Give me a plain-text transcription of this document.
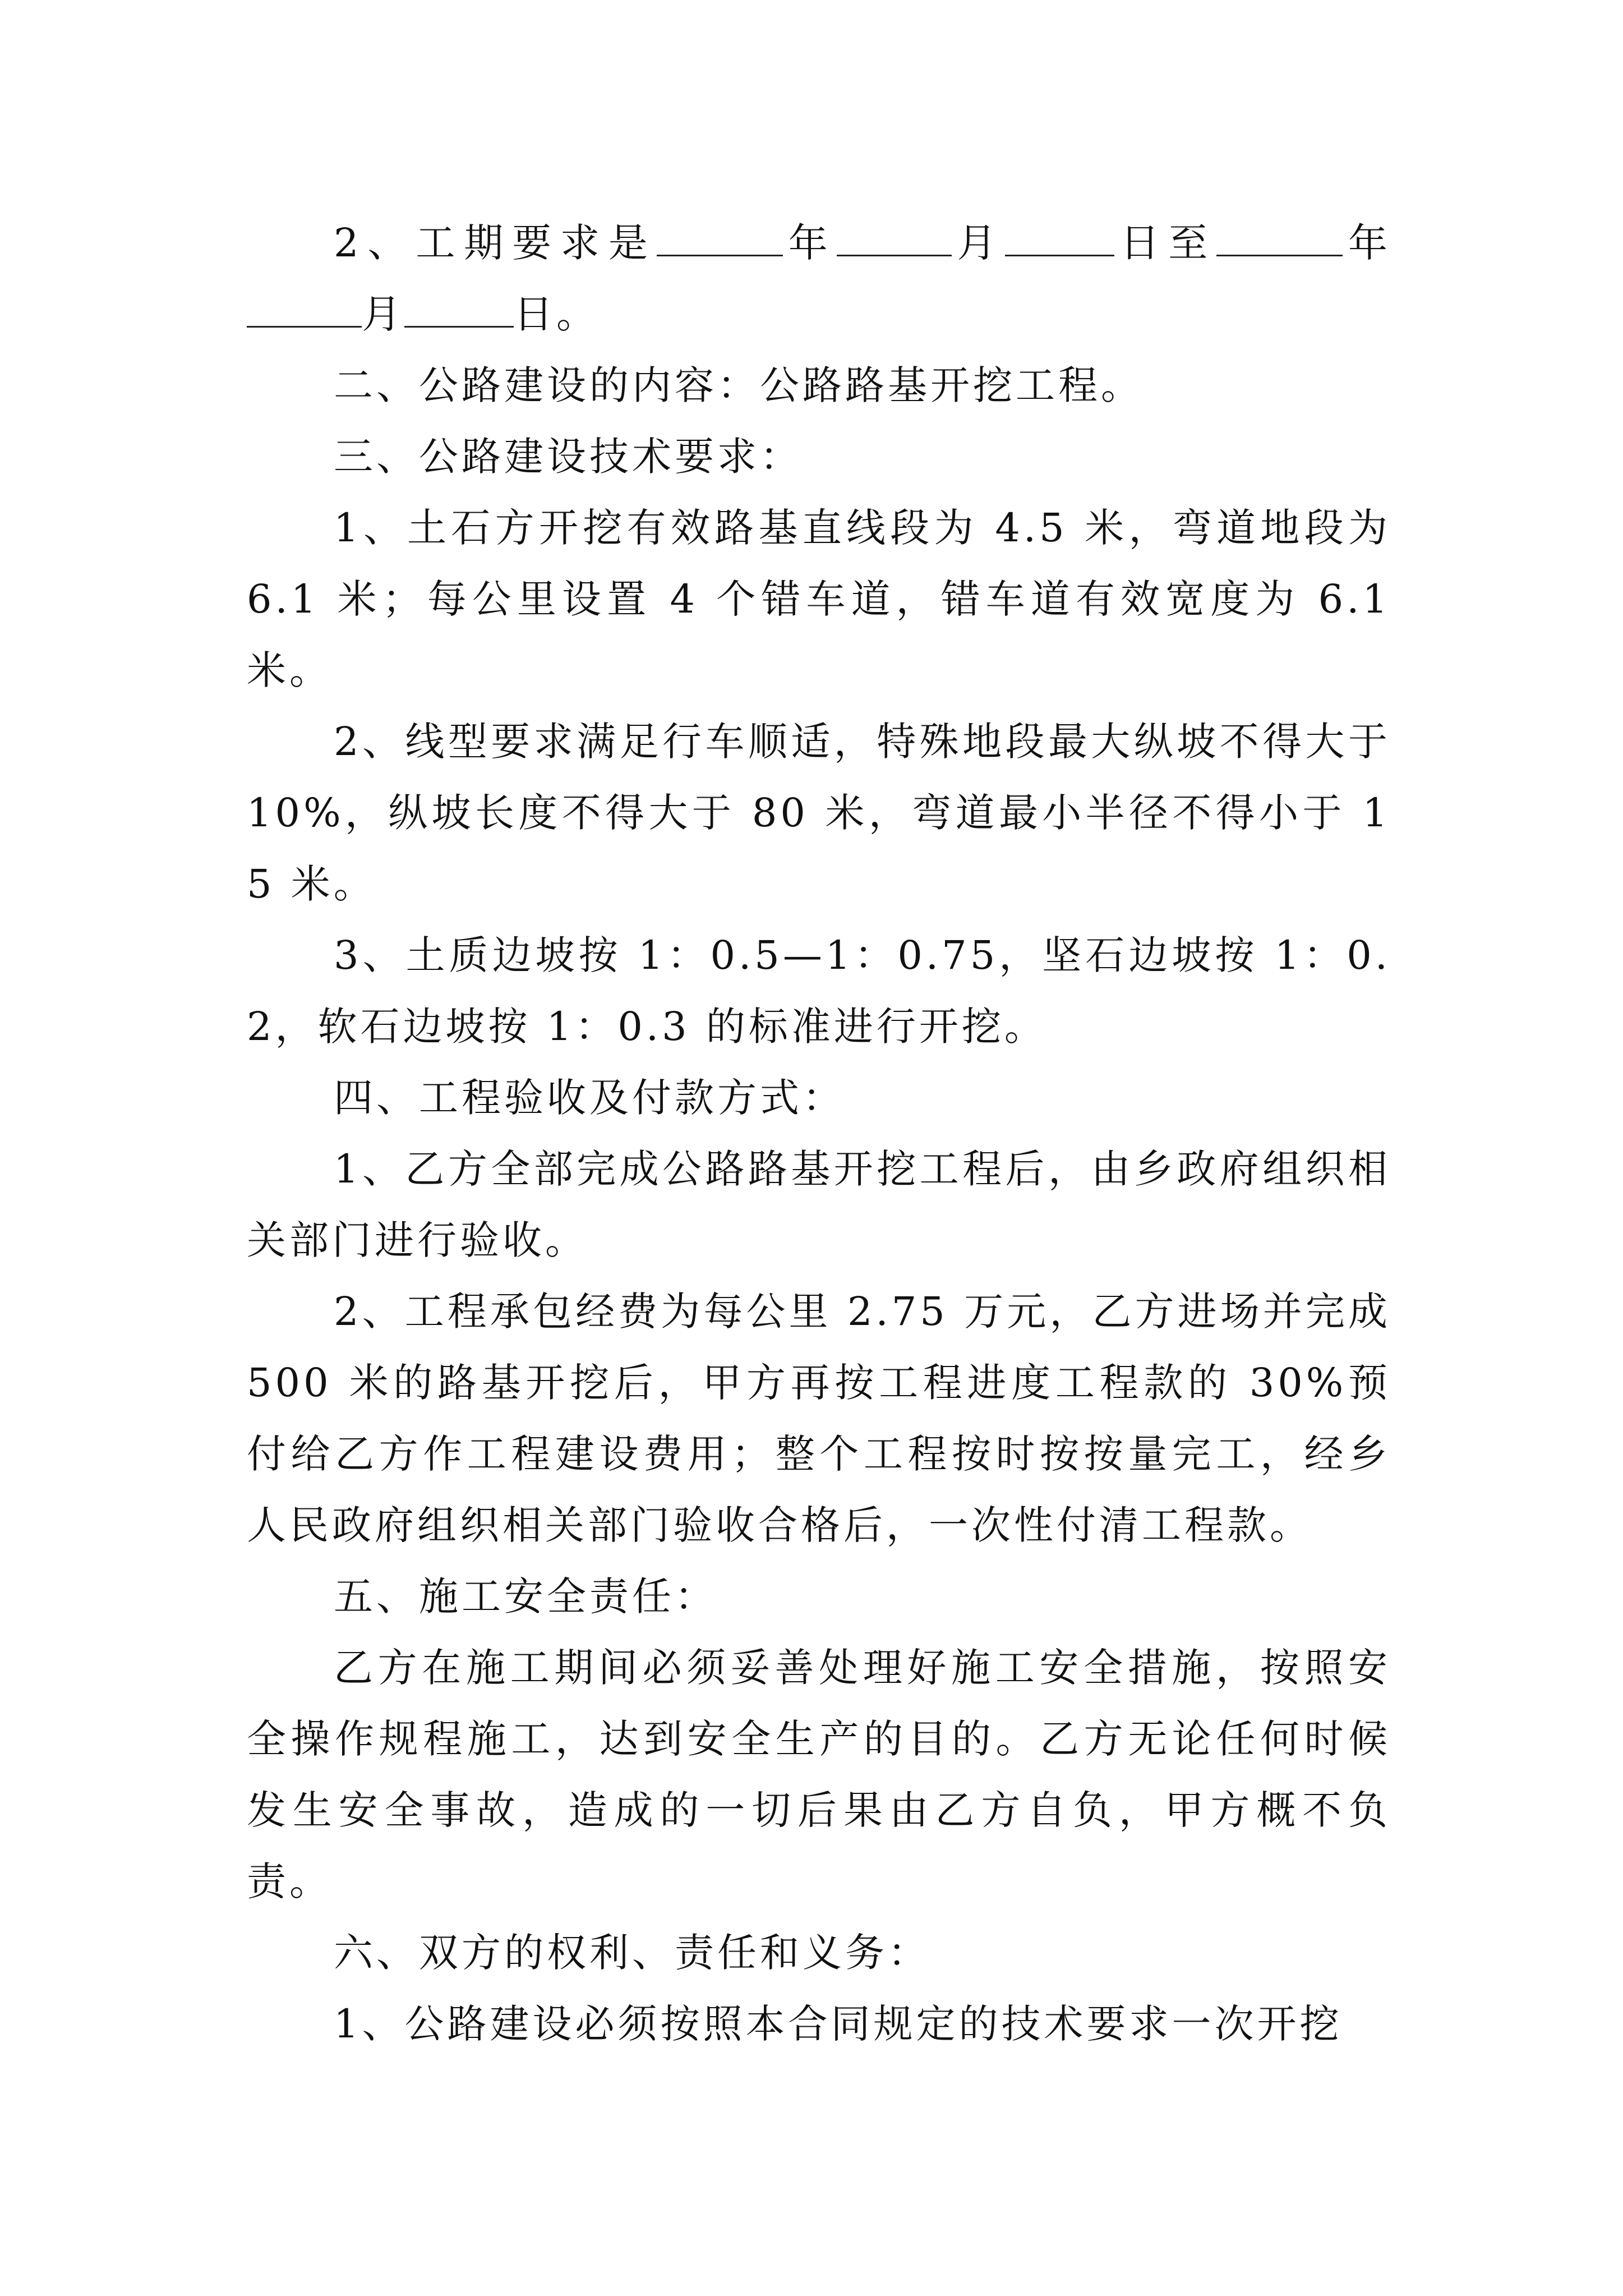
2、工期要求是	年	月	日至	年月	日。

二、公路建设的内容：公路路基开挖工程。

三、公路建设技术要求：

1、土石方开挖有效路基直线段为 4.5 米，弯道地段为 6.1 米；每公里设置 4 个错车道，错车道有效宽度为 6.1 米。

2、线型要求满足行车顺适，特殊地段最大纵坡不得大于 10%，纵坡长度不得大于 80 米，弯道最小半径不得小于 15 米。

3、土质边坡按 1：0.5—1：0.75，坚石边坡按 1：0.2，软石边坡按 1：0.3 的标准进行开挖。

四、工程验收及付款方式：

1、乙方全部完成公路路基开挖工程后，由乡政府组织相关部门进行验收。

2、工程承包经费为每公里 2.75 万元，乙方进场并完成 500 米的路基开挖后，甲方再按工程进度工程款的 30%预付给乙方作工程建设费用；整个工程按时按按量完工，经乡人民政府组织相关部门验收合格后，一次性付清工程款。

五、施工安全责任：

乙方在施工期间必须妥善处理好施工安全措施，按照安全操作规程施工，达到安全生产的目的。乙方无论任何时候发生安全事故，造成的一切后果由乙方自负，甲方概不负责。

六、双方的权利、责任和义务：

1、公路建设必须按照本合同规定的技术要求一次开挖
